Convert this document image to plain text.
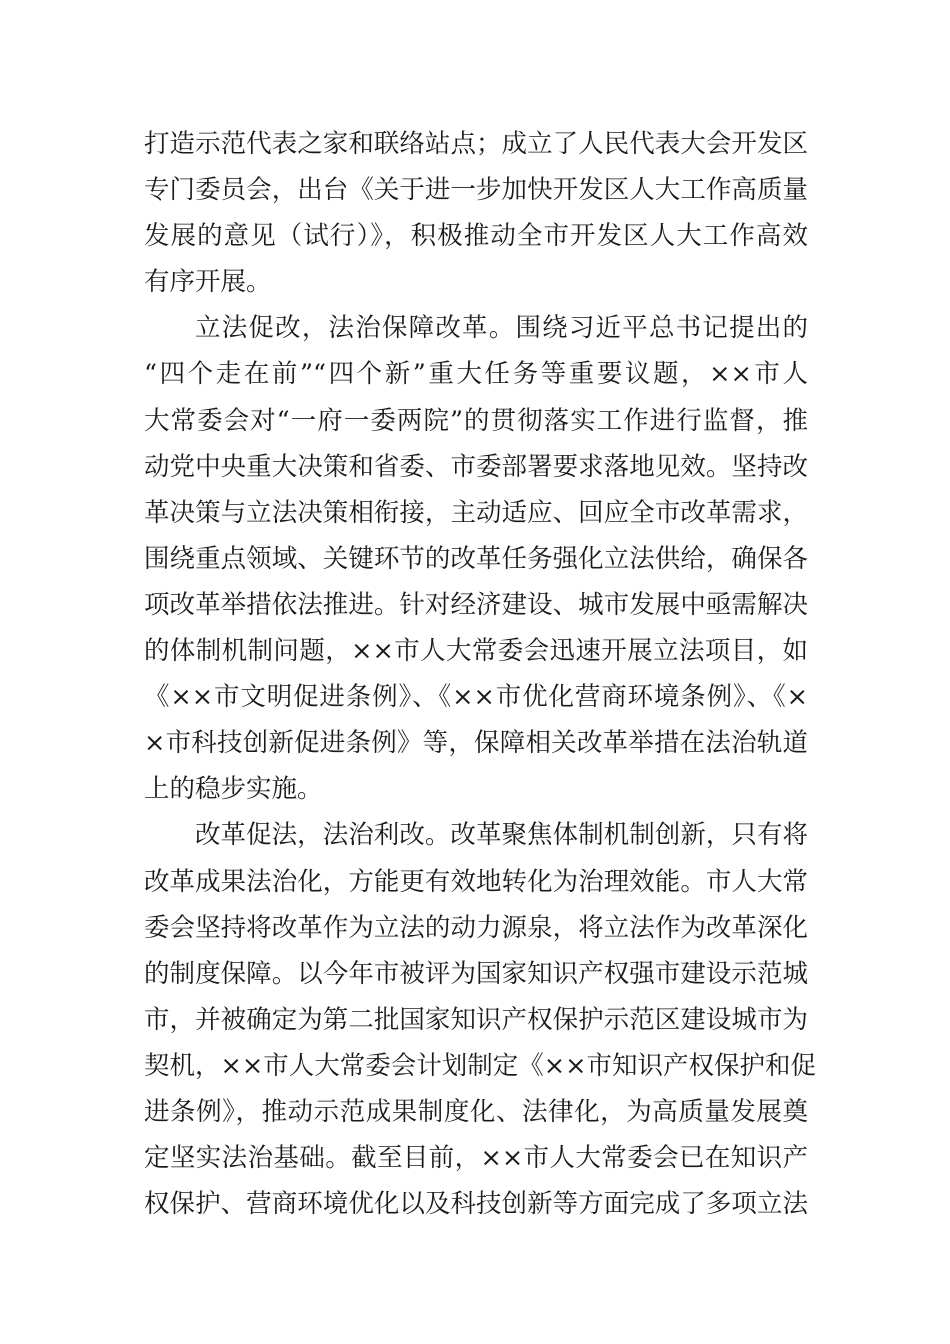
打造示范代表之家和联络站点；成立了人民代表大会开发区
专门委员会，出台《关于进一步加快开发区人大工作高质量
发展的意见（试行）》，积极推动全市开发区人大工作高效
有序开展。
立法促改，法治保障改革。围绕习近平总书记提出的
“四个走在前”“四个新”重大任务等重要议题，××市人
大常委会对“一府一委两院”的贯彻落实工作进行监督，推
动党中央重大决策和省委、市委部署要求落地见效。坚持改
革决策与立法决策相衔接，主动适应、回应全市改革需求，
围绕重点领域、关键环节的改革任务强化立法供给，确保各
项改革举措依法推进。针对经济建设、城市发展中亟需解决
的体制机制问题，××市人大常委会迅速开展立法项目，如
《××市文明促进条例》、《××市优化营商环境条例》、《×
×市科技创新促进条例》等，保障相关改革举措在法治轨道
上的稳步实施。
改革促法，法治利改。改革聚焦体制机制创新，只有将
改革成果法治化，方能更有效地转化为治理效能。市人大常
委会坚持将改革作为立法的动力源泉，将立法作为改革深化
的制度保障。以今年市被评为国家知识产权强市建设示范城
市，并被确定为第二批国家知识产权保护示范区建设城市为
契机，××市人大常委会计划制定《××市知识产权保护和促
进条例》，推动示范成果制度化、法律化，为高质量发展奠
定坚实法治基础。截至目前，××市人大常委会已在知识产
权保护、营商环境优化以及科技创新等方面完成了多项立法
